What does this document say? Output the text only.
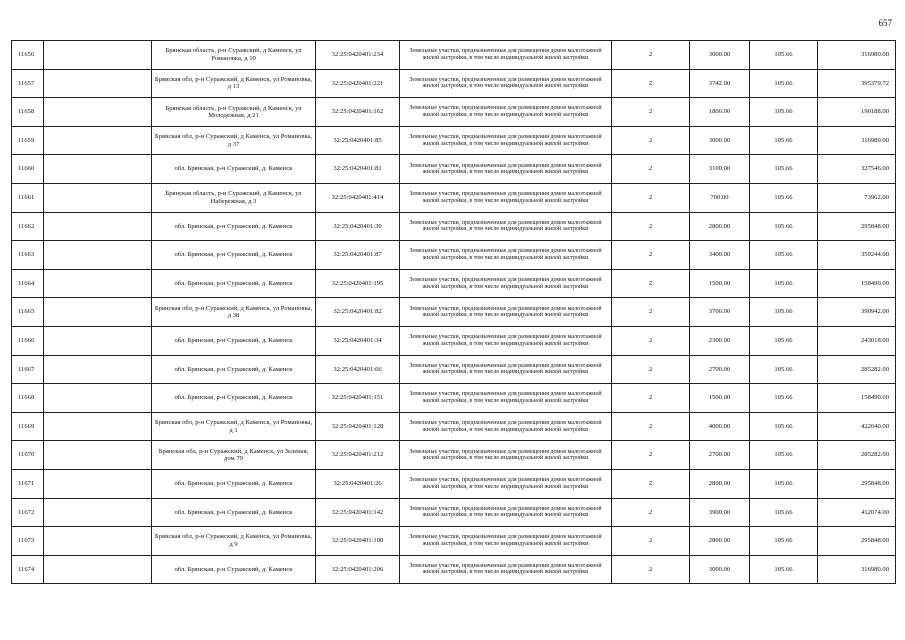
657
11656		Брянская область, р-н Суражский, д Каменск, ул Романовка, д 10	32:25:0420401:234	Земельные участки, предназначенные для размещения домов малоэтажной жилой застройки, в том числе индивидуальной жилой застройки	2	3000.00	105.66	316980.00
11657		Брянская обл, р-н Суражский, д Каменск, ул Романовка, д 13	32:25:0420401:221	Земельные участки, предназначенные для размещения домов малоэтажной жилой застройки, в том числе индивидуальной жилой застройки	2	3742.00	105.66	395379.72
11658		Брянская область, р-н Суражский, д Каменск, ул Молодежная, д 21	32:25:0420401:162	Земельные участки, предназначенные для размещения домов малоэтажной жилой застройки, в том числе индивидуальной жилой застройки	2	1800.00	105.66	190188.00
11659		Брянская обл, р-н Суражский, д Каменск, ул Романовка, д 37	32:25:0420401:85	Земельные участки, предназначенные для размещения домов малоэтажной жилой застройки, в том числе индивидуальной жилой застройки	2	3000.00	105.66	316980.00
11660		обл. Брянская, р-н Суражский, д. Каменск	32:25:0420401:81	Земельные участки, предназначенные для размещения домов малоэтажной жилой застройки, в том числе индивидуальной жилой застройки	2	3100.00	105.66	327546.00
11661		Брянская область, р-н Суражский, д Каменск, ул Набережная, д 3	32:25:0420401:414	Земельные участки, предназначенные для размещения домов малоэтажной жилой застройки, в том числе индивидуальной жилой застройки	2	700.00	105.66	73962.00
11662		обл. Брянская, р-н Суражский, д. Каменск	32:25:0420401:30	Земельные участки, предназначенные для размещения домов малоэтажной жилой застройки, в том числе индивидуальной жилой застройки	2	2800.00	105.66	295848.00
11663		обл. Брянская, р-н Суражский, д. Каменск	32:25:0420401:87	Земельные участки, предназначенные для размещения домов малоэтажной жилой застройки, в том числе индивидуальной жилой застройки	2	3400.00	105.66	359244.00
11664		обл. Брянская, р-н Суражский, д. Каменск	32:25:0420401:195	Земельные участки, предназначенные для размещения домов малоэтажной жилой застройки, в том числе индивидуальной жилой застройки	2	1500.00	105.66	158490.00
11665		Брянская обл, р-н Суражский, д Каменск, ул Романовка, д 38	32:25:0420401:82	Земельные участки, предназначенные для размещения домов малоэтажной жилой застройки, в том числе индивидуальной жилой застройки	2	3700.00	105.66	390942.00
11666		обл. Брянская, р-н Суражский, д. Каменск	32:25:0420401:34	Земельные участки, предназначенные для размещения домов малоэтажной жилой застройки, в том числе индивидуальной жилой застройки	2	2300.00	105.66	243018.00
11667		обл. Брянская, р-н Суражский, д. Каменск	32:25:0420401:66	Земельные участки, предназначенные для размещения домов малоэтажной жилой застройки, в том числе индивидуальной жилой застройки	2	2700.00	105.66	285282.00
11668		обл. Брянская, р-н Суражский, д. Каменск	32:25:0420401:151	Земельные участки, предназначенные для размещения домов малоэтажной жилой застройки, в том числе индивидуальной жилой застройки	2	1500.00	105.66	158490.00
11669		Брянская обл, р-н Суражский, д Каменск, ул Романовка, д 1	32:25:0420401:128	Земельные участки, предназначенные для размещения домов малоэтажной жилой застройки, в том числе индивидуальной жилой застройки	2	4000.00	105.66	422640.00
11670		Брянская обл, р-н Суражский, д Каменск, ул Зеленая, дом 79	32:25:0420401:212	Земельные участки, предназначенные для размещения домов малоэтажной жилой застройки, в том числе индивидуальной жилой застройки	2	2700.00	105.66	285282.00
11671		обл. Брянская, р-н Суражский, д. Каменск	32:25:0420401:26	Земельные участки, предназначенные для размещения домов малоэтажной жилой застройки, в том числе индивидуальной жилой застройки	2	2800.00	105.66	295848.00
11672		обл. Брянская, р-н Суражский, д. Каменск	32:25:0420401:142	Земельные участки, предназначенные для размещения домов малоэтажной жилой застройки, в том числе индивидуальной жилой застройки	2	3900.00	105.66	412074.00
11673		Брянская обл, р-н Суражский, д Каменск, ул Романовка, д 9	32:25:0420401:108	Земельные участки, предназначенные для размещения домов малоэтажной жилой застройки, в том числе индивидуальной жилой застройки	2	2800.00	105.66	295848.00
11674		обл. Брянская, р-н Суражский, д. Каменск	32:25:0420401:206	Земельные участки, предназначенные для размещения домов малоэтажной жилой застройки, в том числе индивидуальной жилой застройки	2	3000.00	105.66	316980.00
